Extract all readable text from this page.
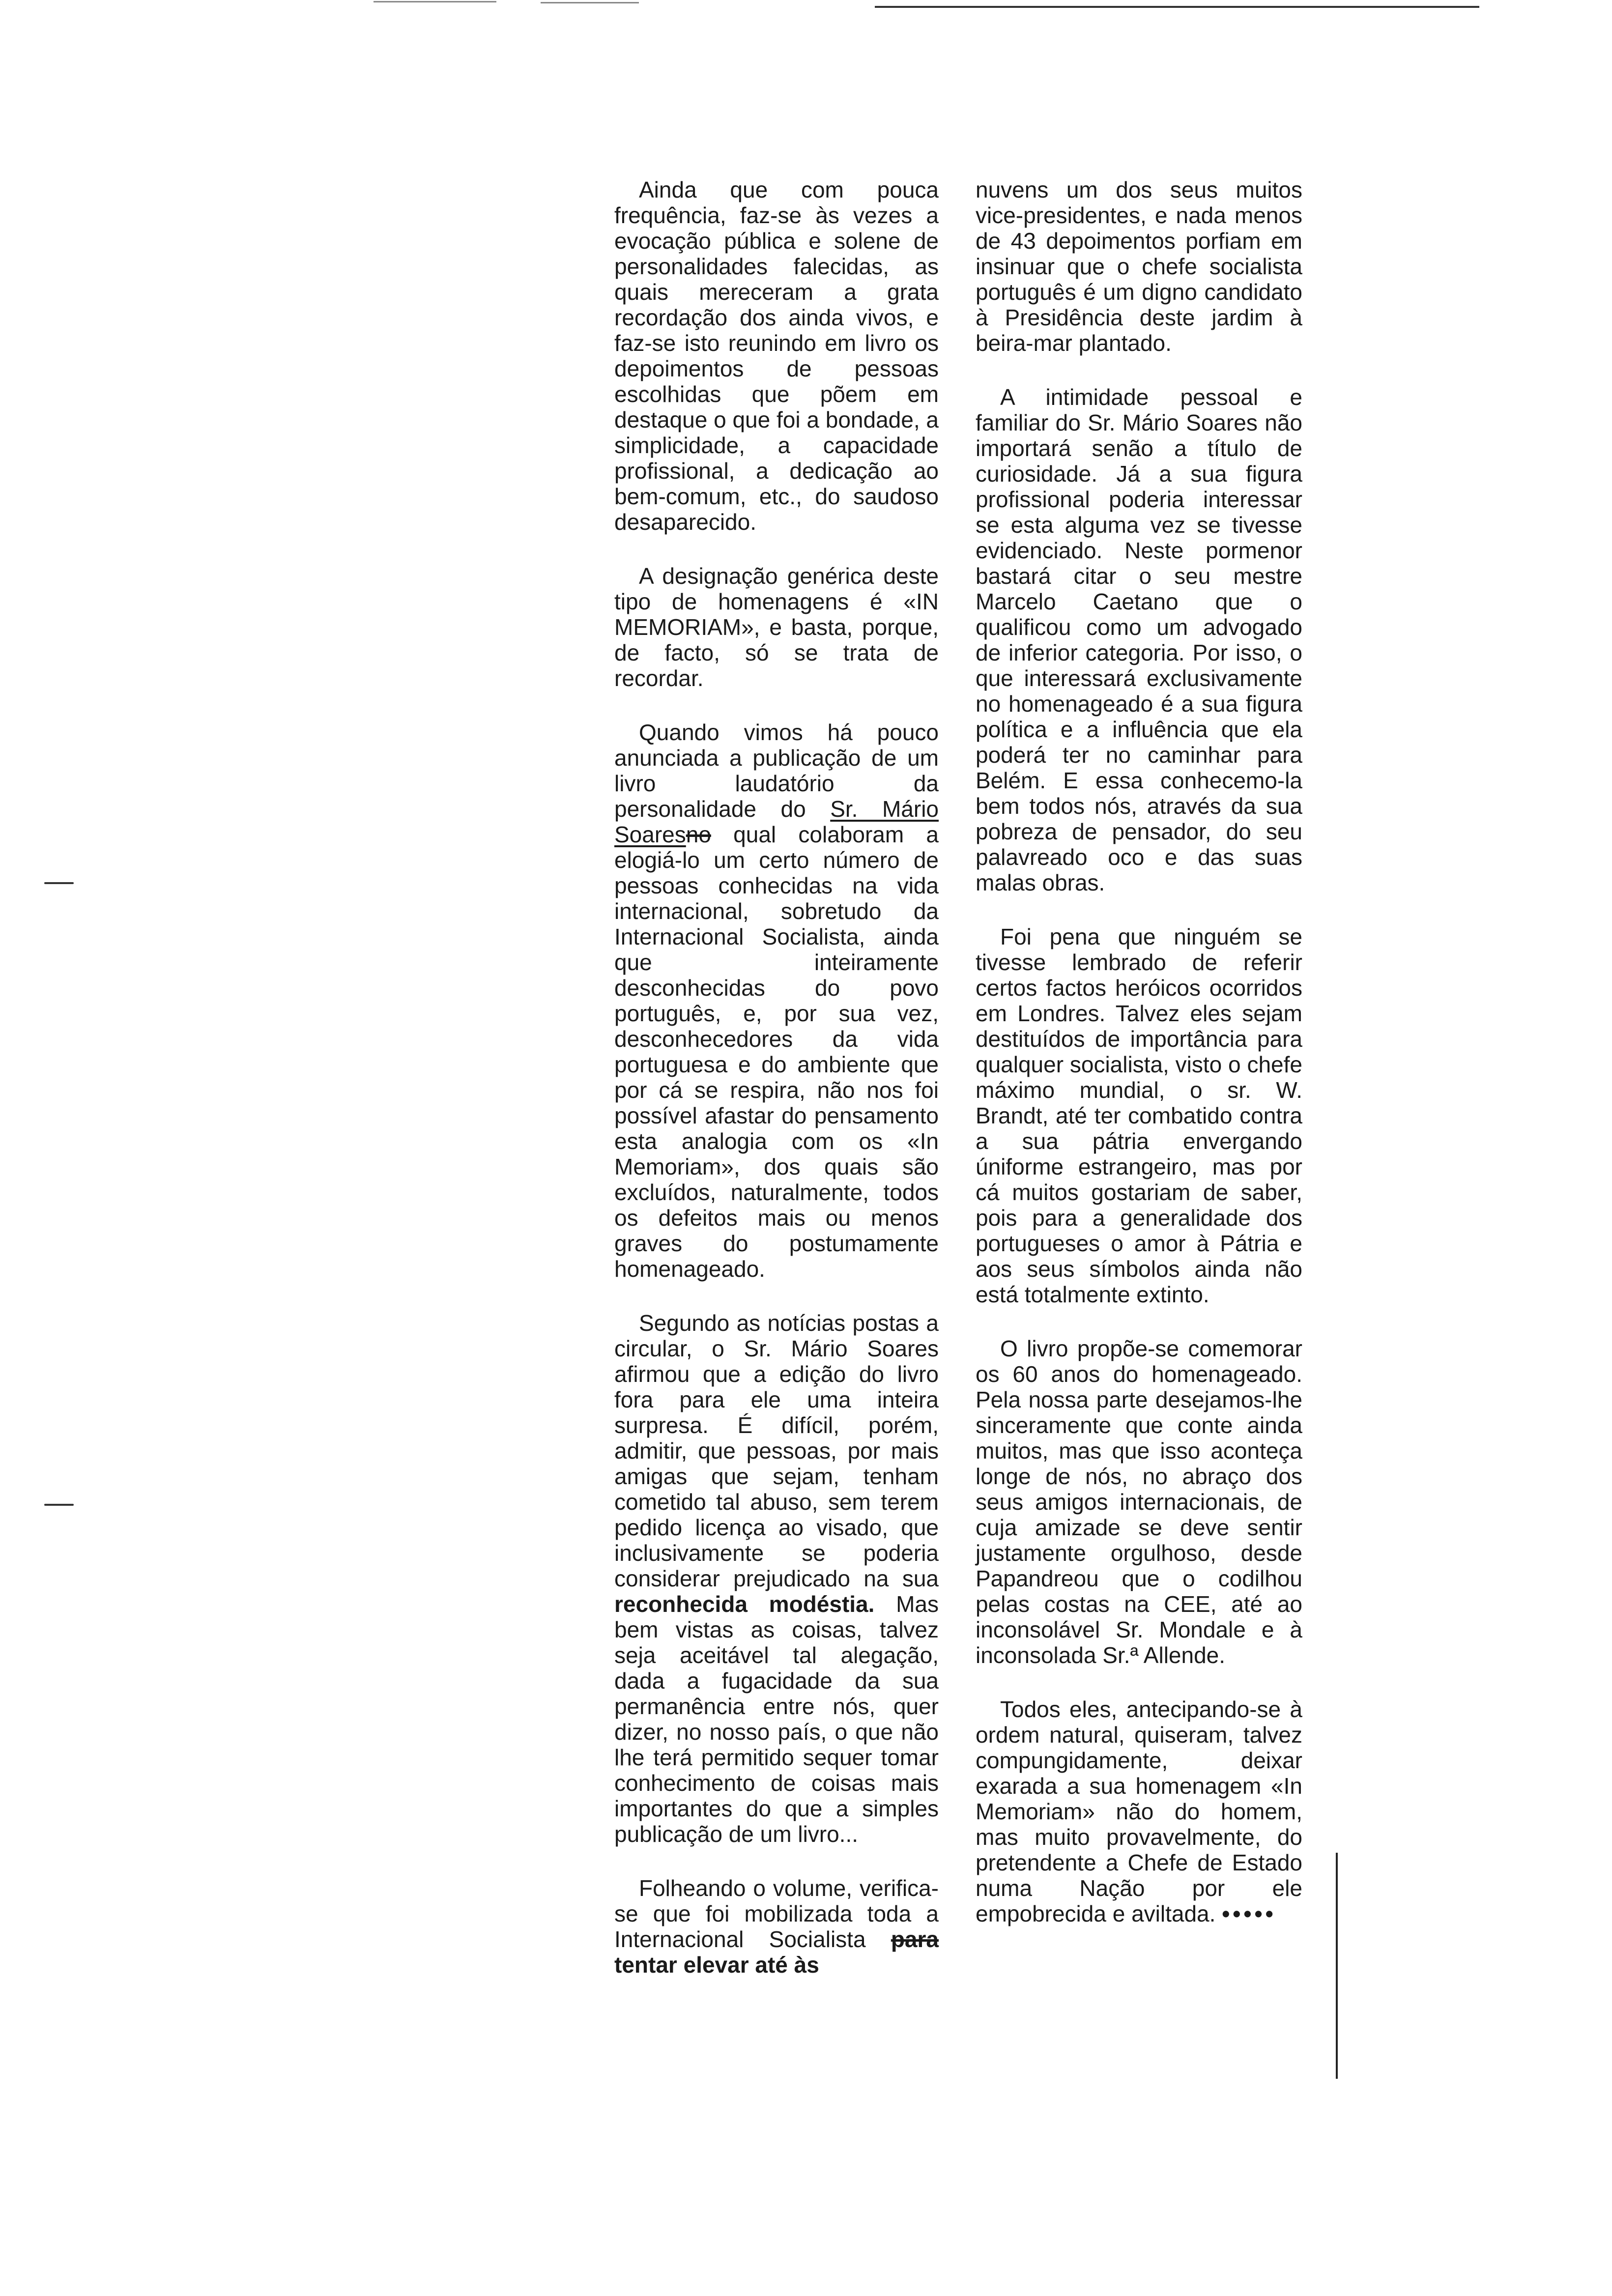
Ainda que com pouca frequência, faz-se às vezes a evocação pública e solene de personalidades falecidas, as quais mereceram a grata recordação dos ainda vivos, e faz-se isto reunindo em livro os depoimentos de pessoas escolhidas que põem em destaque o que foi a bondade, a simplicidade, a capacidade profissional, a dedicação ao bem-comum, etc., do saudoso desaparecido.

A designação genérica deste tipo de homenagens é «IN MEMORIAM», e basta, porque, de facto, só se trata de recordar.

Quando vimos há pouco anunciada a publicação de um livro laudatório da personalidade do Sr. Mário Soaresno qual colaboram a elogiá-lo um certo número de pessoas conhecidas na vida internacional, sobretudo da Internacional Socialista, ainda que inteiramente desconhecidas do povo português, e, por sua vez, desconhecedores da vida portuguesa e do ambiente que por cá se respira, não nos foi possível afastar do pensamento esta analogia com os «In Memoriam», dos quais são excluídos, naturalmente, todos os defeitos mais ou menos graves do postumamente homenageado.

Segundo as notícias postas a circular, o Sr. Mário Soares afirmou que a edição do livro fora para ele uma inteira surpresa. É difícil, porém, admitir, que pessoas, por mais amigas que sejam, tenham cometido tal abuso, sem terem pedido licença ao visado, que inclusivamente se poderia considerar prejudicado na sua reconhecida modéstia. Mas bem vistas as coisas, talvez seja aceitável tal alegação, dada a fugacidade da sua permanência entre nós, quer dizer, no nosso país, o que não lhe terá permitido sequer tomar conhecimento de coisas mais importantes do que a simples publicação de um livro...

Folheando o volume, verifica-se que foi mobilizada toda a Internacional Socialista para tentar elevar até às

nuvens um dos seus muitos vice-presidentes, e nada menos de 43 depoimentos porfiam em insinuar que o chefe socialista português é um digno candidato à Presidência deste jardim à beira-mar plantado.

A intimidade pessoal e familiar do Sr. Mário Soares não importará senão a título de curiosidade. Já a sua figura profissional poderia interessar se esta alguma vez se tivesse evidenciado. Neste pormenor bastará citar o seu mestre Marcelo Caetano que o qualificou como um advogado de inferior categoria. Por isso, o que interessará exclusivamente no homenageado é a sua figura política e a influência que ela poderá ter no caminhar para Belém. E essa conhecemo-la bem todos nós, através da sua pobreza de pensador, do seu palavreado oco e das suas malas obras.

Foi pena que ninguém se tivesse lembrado de referir certos factos heróicos ocorridos em Londres. Talvez eles sejam destituídos de importância para qualquer socialista, visto o chefe máximo mundial, o sr. W. Brandt, até ter combatido contra a sua pátria envergando úniforme estrangeiro, mas por cá muitos gostariam de saber, pois para a generalidade dos portugueses o amor à Pátria e aos seus símbolos ainda não está totalmente extinto.

O livro propõe-se comemorar os 60 anos do homenageado. Pela nossa parte desejamos-lhe sinceramente que conte ainda muitos, mas que isso aconteça longe de nós, no abraço dos seus amigos internacionais, de cuja amizade se deve sentir justamente orgulhoso, desde Papandreou que o codilhou pelas costas na CEE, até ao inconsolável Sr. Mondale e à inconsolada Sr.ª Allende.

Todos eles, antecipando-se à ordem natural, quiseram, talvez compungidamente, deixar exarada a sua homenagem «In Memoriam» não do homem, mas muito provavelmente, do pretendente a Chefe de Estado numa Nação por ele empobrecida e aviltada. •••••
